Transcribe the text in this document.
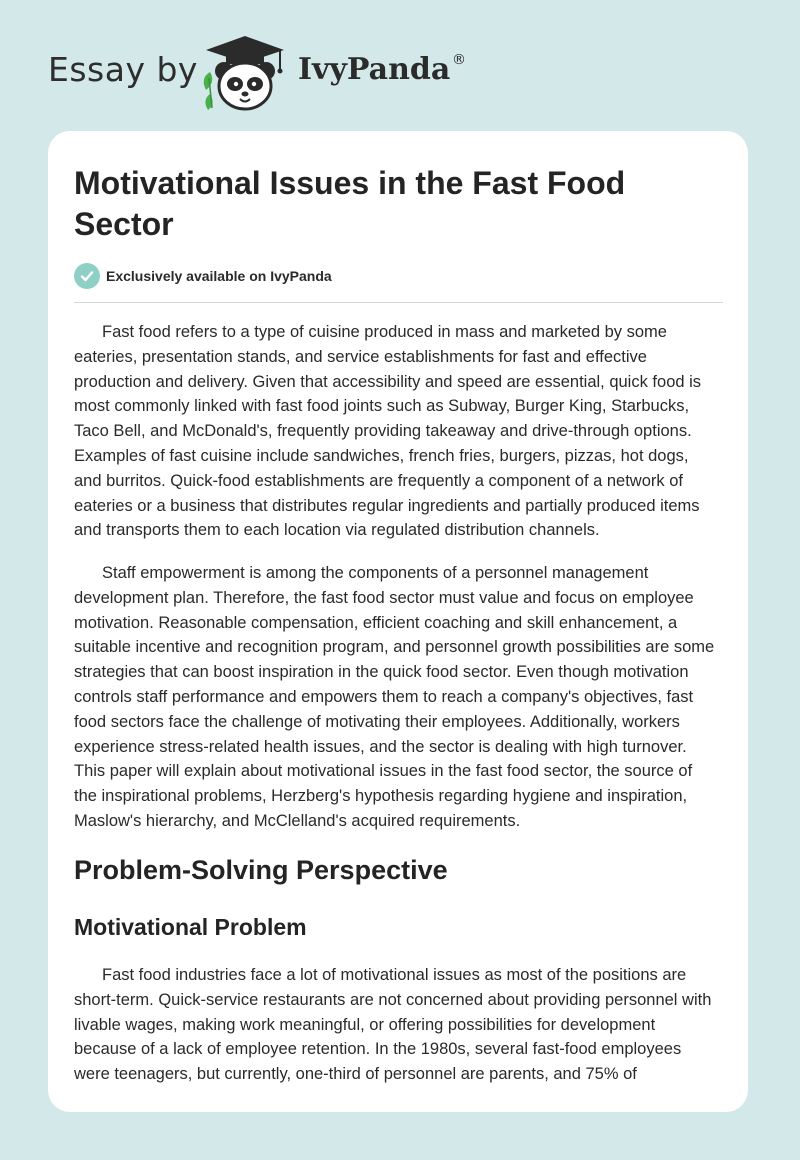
Essay by	IvyPanda ®
Motivational Issues in the Fast Food Sector
Exclusively available on IvyPanda

Fast food refers to a type of cuisine produced in mass and marketed by some
eateries, presentation stands, and service establishments for fast and effective
production and delivery. Given that accessibility and speed are essential, quick food is
most commonly linked with fast food joints such as Subway, Burger King, Starbucks,
Taco Bell, and McDonald's, frequently providing takeaway and drive-through options.
Examples of fast cuisine include sandwiches, french fries, burgers, pizzas, hot dogs,
and burritos. Quick-food establishments are frequently a component of a network of
eateries or a business that distributes regular ingredients and partially produced items
and transports them to each location via regulated distribution channels.

Staff empowerment is among the components of a personnel management
development plan. Therefore, the fast food sector must value and focus on employee
motivation. Reasonable compensation, efficient coaching and skill enhancement, a
suitable incentive and recognition program, and personnel growth possibilities are some
strategies that can boost inspiration in the quick food sector. Even though motivation
controls staff performance and empowers them to reach a company's objectives, fast
food sectors face the challenge of motivating their employees. Additionally, workers
experience stress-related health issues, and the sector is dealing with high turnover.
This paper will explain about motivational issues in the fast food sector, the source of
the inspirational problems, Herzberg's hypothesis regarding hygiene and inspiration,
Maslow's hierarchy, and McClelland's acquired requirements.

Problem-Solving Perspective
Motivational Problem

Fast food industries face a lot of motivational issues as most of the positions are
short-term. Quick-service restaurants are not concerned about providing personnel with
livable wages, making work meaningful, or offering possibilities for development
because of a lack of employee retention. In the 1980s, several fast-food employees
were teenagers, but currently, one-third of personnel are parents, and 75% of
